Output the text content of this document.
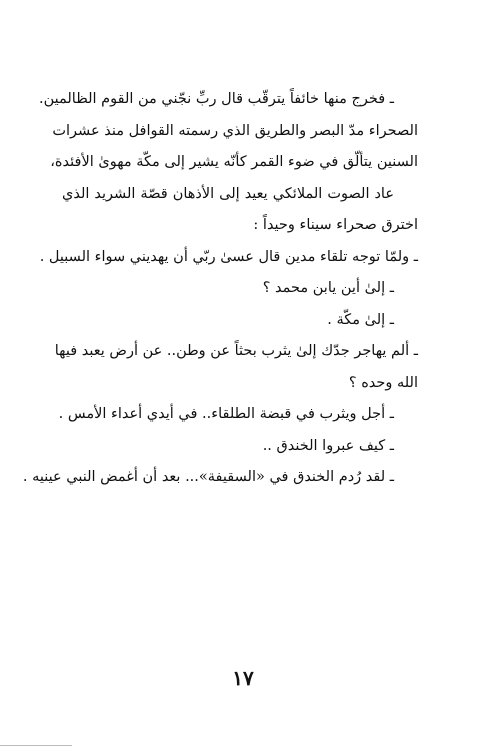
ـ فخرج منها خائفاً يترقّب قال ربِّ نجّني من القوم الظالمين.
الصحراء مدّ البصر والطريق الذي رسمته القوافل منذ عشرات
السنين يتألّق في ضوء القمر كأنّه يشير إلى مكّة مهوىٰ الأفئدة،
عاد الصوت الملائكي يعيد إلى الأذهان قصّة الشريد الذي
اخترق صحراء سيناء وحيداً :
ـ ولمّا توجه تلقاء مدين قال عسىٰ ربّي أن يهديني سواء السبيل .
ـ إلىٰ أين يابن محمد ؟
ـ إلىٰ مكّة .
ـ ألم يهاجر جدّك إلىٰ يثرب بحثاً عن وطن.. عن أرض يعبد فيها
الله وحده ؟
ـ أجل ويثرب في قبضة الطلقاء.. في أيدي أعداء الأمس .
ـ كيف عبروا الخندق ..
ـ لقد رُدم الخندق في «السقيفة»... بعد أن أغمض النبي عينيه .
١٧
